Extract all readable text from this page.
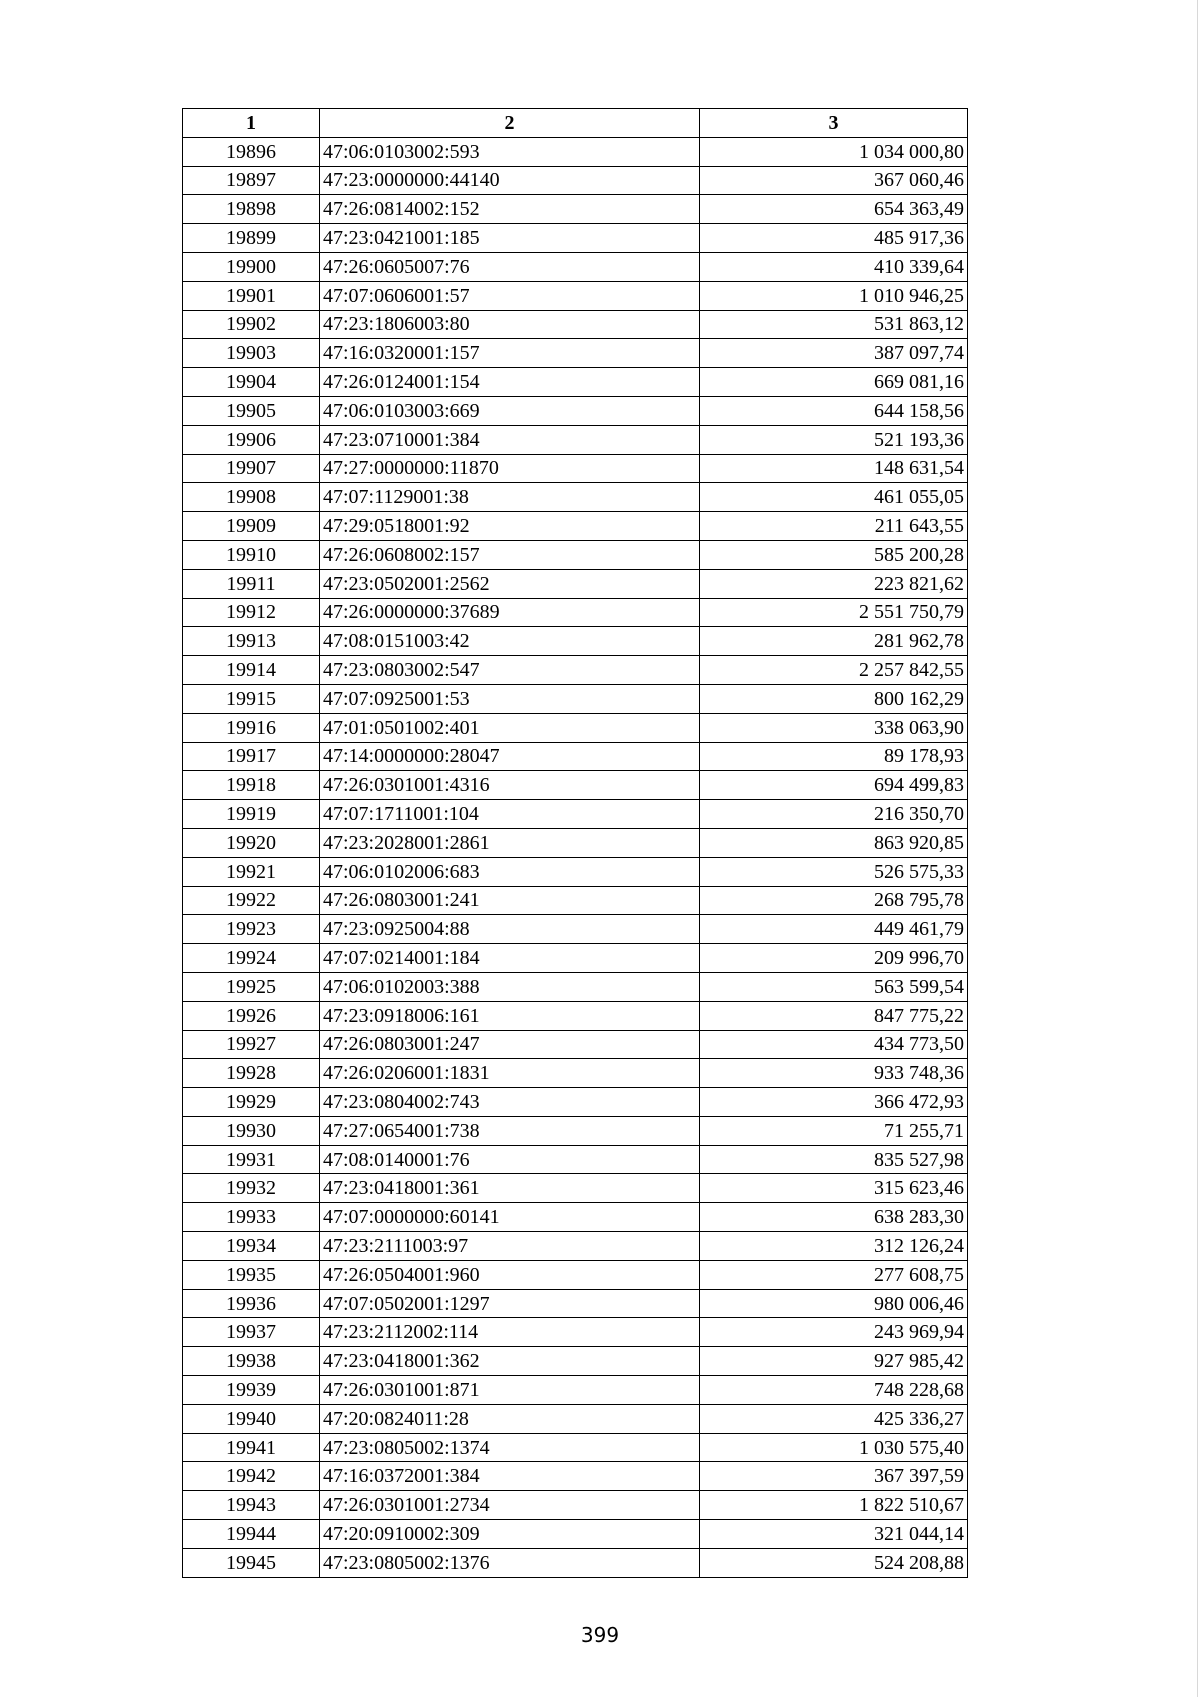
1	2	3
19896	47:06:0103002:593	1 034 000,80
19897	47:23:0000000:44140	367 060,46
19898	47:26:0814002:152	654 363,49
19899	47:23:0421001:185	485 917,36
19900	47:26:0605007:76	410 339,64
19901	47:07:0606001:57	1 010 946,25
19902	47:23:1806003:80	531 863,12
19903	47:16:0320001:157	387 097,74
19904	47:26:0124001:154	669 081,16
19905	47:06:0103003:669	644 158,56
19906	47:23:0710001:384	521 193,36
19907	47:27:0000000:11870	148 631,54
19908	47:07:1129001:38	461 055,05
19909	47:29:0518001:92	211 643,55
19910	47:26:0608002:157	585 200,28
19911	47:23:0502001:2562	223 821,62
19912	47:26:0000000:37689	2 551 750,79
19913	47:08:0151003:42	281 962,78
19914	47:23:0803002:547	2 257 842,55
19915	47:07:0925001:53	800 162,29
19916	47:01:0501002:401	338 063,90
19917	47:14:0000000:28047	89 178,93
19918	47:26:0301001:4316	694 499,83
19919	47:07:1711001:104	216 350,70
19920	47:23:2028001:2861	863 920,85
19921	47:06:0102006:683	526 575,33
19922	47:26:0803001:241	268 795,78
19923	47:23:0925004:88	449 461,79
19924	47:07:0214001:184	209 996,70
19925	47:06:0102003:388	563 599,54
19926	47:23:0918006:161	847 775,22
19927	47:26:0803001:247	434 773,50
19928	47:26:0206001:1831	933 748,36
19929	47:23:0804002:743	366 472,93
19930	47:27:0654001:738	71 255,71
19931	47:08:0140001:76	835 527,98
19932	47:23:0418001:361	315 623,46
19933	47:07:0000000:60141	638 283,30
19934	47:23:2111003:97	312 126,24
19935	47:26:0504001:960	277 608,75
19936	47:07:0502001:1297	980 006,46
19937	47:23:2112002:114	243 969,94
19938	47:23:0418001:362	927 985,42
19939	47:26:0301001:871	748 228,68
19940	47:20:0824011:28	425 336,27
19941	47:23:0805002:1374	1 030 575,40
19942	47:16:0372001:384	367 397,59
19943	47:26:0301001:2734	1 822 510,67
19944	47:20:0910002:309	321 044,14
19945	47:23:0805002:1376	524 208,88
399
